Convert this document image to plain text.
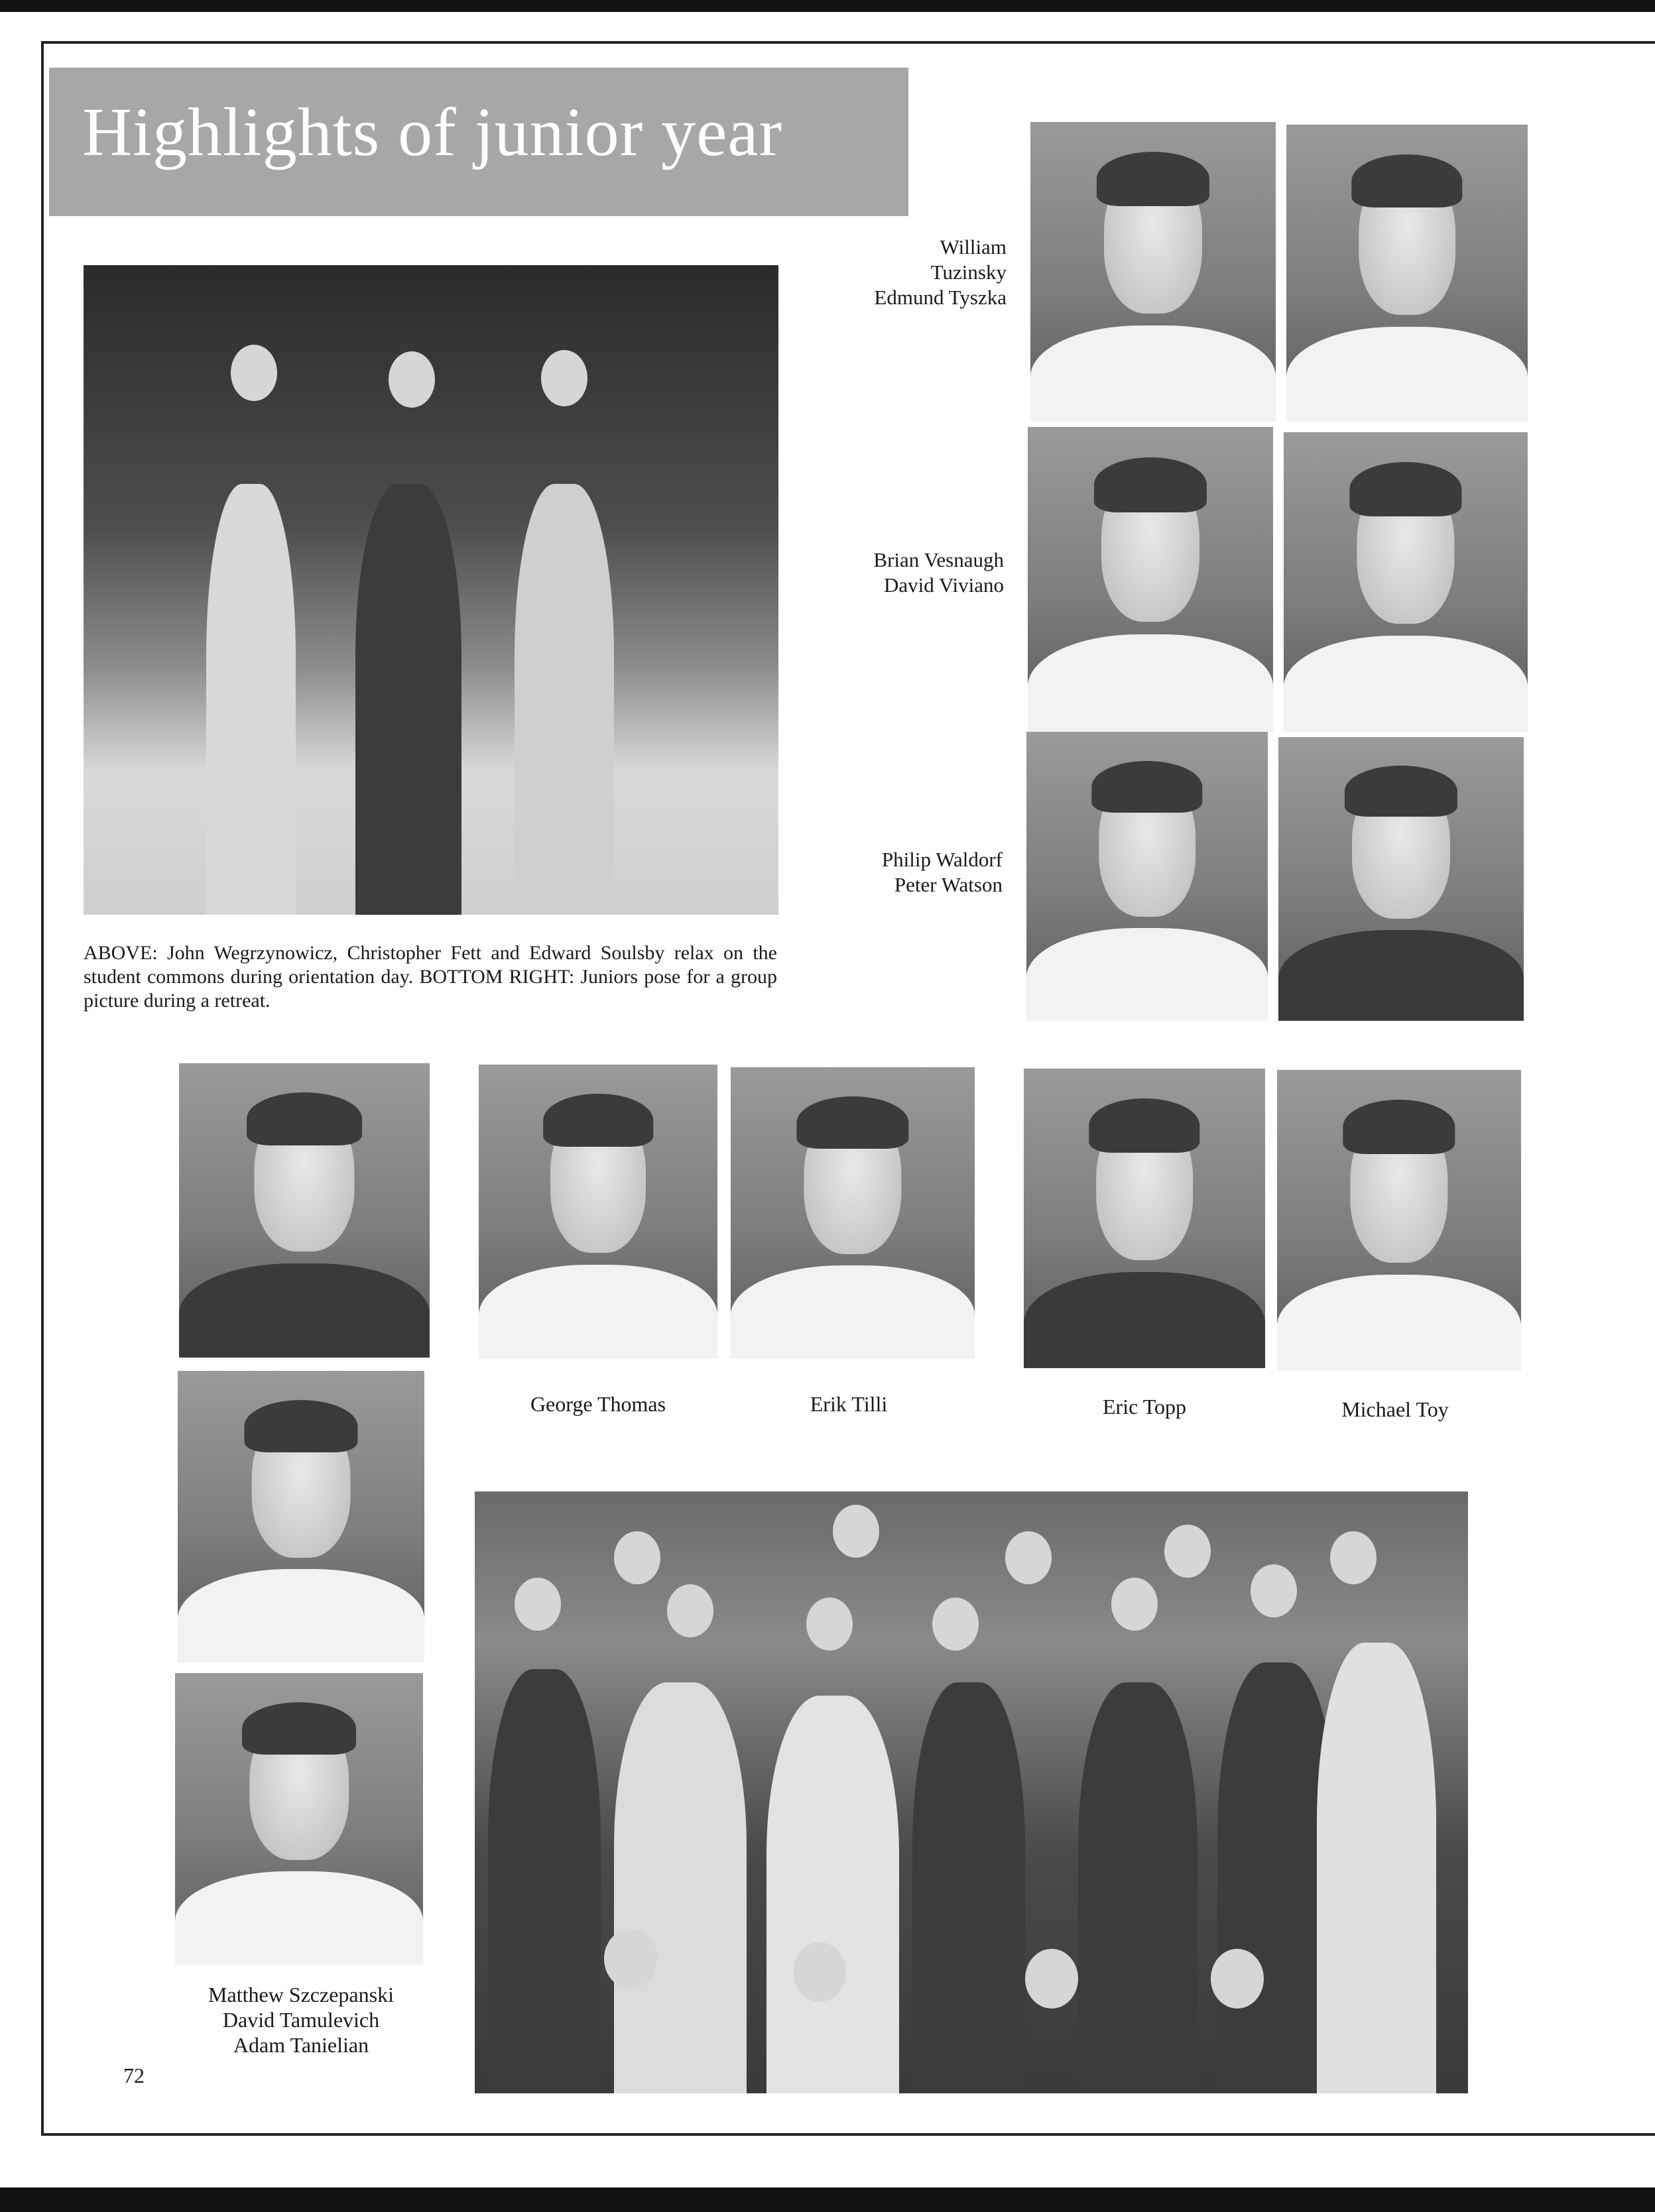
Highlights of junior year
ABOVE: John Wegrzynowicz, Christopher Fett and Edward Soulsby relax on the student commons during orientation day. BOTTOM RIGHT: Juniors pose for a group picture during a retreat.
William
Tuzinsky
Edmund Tyszka
Brian Vesnaugh
David Viviano
Philip Waldorf
Peter Watson
George Thomas	Erik Tilli	Eric Topp	Michael Toy
Matthew Szczepanski
David Tamulevich
Adam Tanielian
72
